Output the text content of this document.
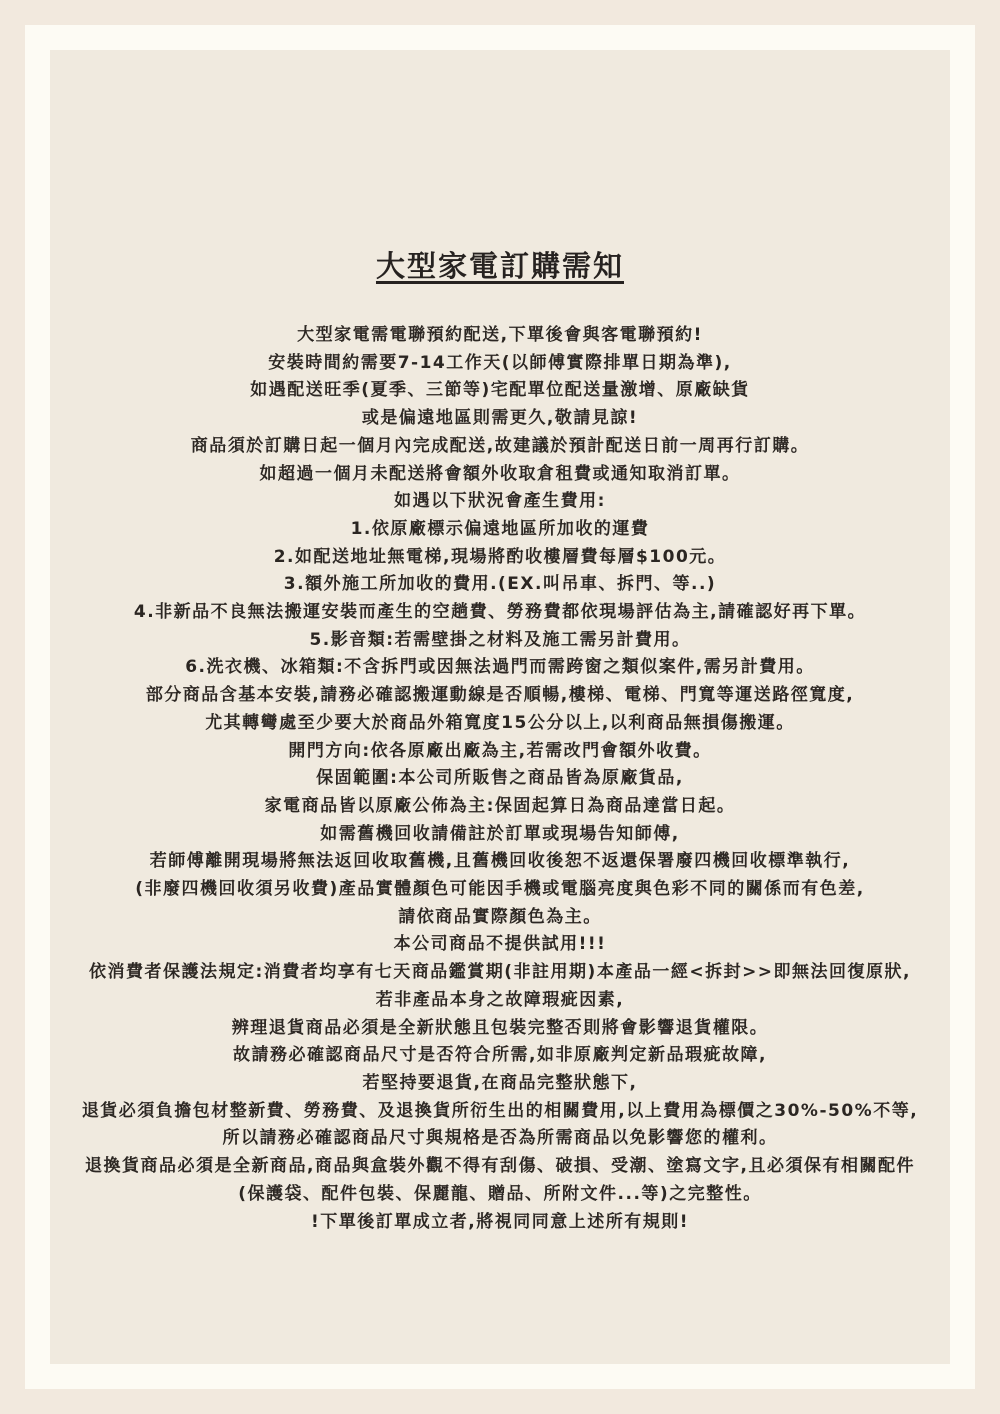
大型家電訂購需知

大型家電需電聯預約配送,下單後會與客電聯預約!

安裝時間約需要7-14工作天(以師傅實際排單日期為準),

如遇配送旺季(夏季、三節等)宅配單位配送量激增、原廠缺貨

或是偏遠地區則需更久,敬請見諒!

商品須於訂購日起一個月內完成配送,故建議於預計配送日前一周再行訂購。

如超過一個月未配送將會額外收取倉租費或通知取消訂單。

如遇以下狀況會產生費用:

1.依原廠標示偏遠地區所加收的運費

2.如配送地址無電梯,現場將酌收樓層費每層$100元。

3.額外施工所加收的費用.(EX.叫吊車、拆門、等..)

4.非新品不良無法搬運安裝而產生的空趟費、勞務費都依現場評估為主,請確認好再下單。

5.影音類:若需壁掛之材料及施工需另計費用。

6.洗衣機、冰箱類:不含拆門或因無法過門而需跨窗之類似案件,需另計費用。

部分商品含基本安裝,請務必確認搬運動線是否順暢,樓梯、電梯、門寬等運送路徑寬度,

尤其轉彎處至少要大於商品外箱寬度15公分以上,以利商品無損傷搬運。

開門方向:依各原廠出廠為主,若需改門會額外收費。

保固範圍:本公司所販售之商品皆為原廠貨品,

家電商品皆以原廠公佈為主:保固起算日為商品達當日起。

如需舊機回收請備註於訂單或現場告知師傅,

若師傅離開現場將無法返回收取舊機,且舊機回收後恕不返還保署廢四機回收標準執行,

(非廢四機回收須另收費)產品實體顏色可能因手機或電腦亮度與色彩不同的關係而有色差,

請依商品實際顏色為主。

本公司商品不提供試用!!!

依消費者保護法規定:消費者均享有七天商品鑑賞期(非註用期)本產品一經<拆封>>即無法回復原狀,

若非產品本身之故障瑕疵因素,

辨理退貨商品必須是全新狀態且包裝完整否則將會影響退貨權限。

故請務必確認商品尺寸是否符合所需,如非原廠判定新品瑕疵故障,

若堅持要退貨,在商品完整狀態下,

退貨必須負擔包材整新費、勞務費、及退換貨所衍生出的相關費用,以上費用為標價之30%-50%不等,

所以請務必確認商品尺寸與規格是否為所需商品以免影響您的權利。

退換貨商品必須是全新商品,商品與盒裝外觀不得有刮傷、破損、受潮、塗寫文字,且必須保有相關配件

(保護袋、配件包裝、保麗龍、贈品、所附文件...等)之完整性。

!下單後訂單成立者,將視同同意上述所有規則!
